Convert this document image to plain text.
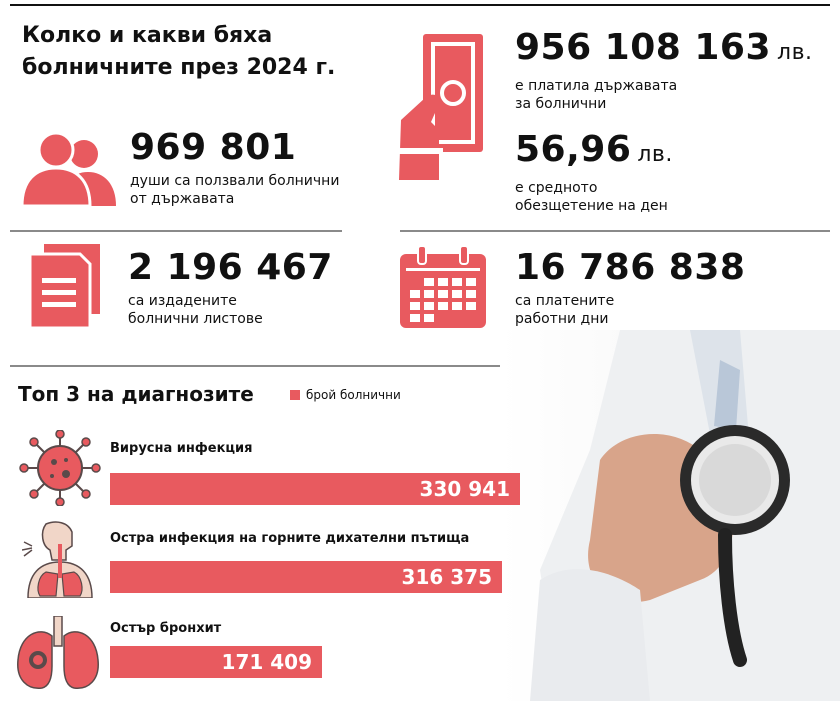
Колко и какви бяха болничните през 2024 г.
969 801
души са ползвали болнични от държавата
956 108 163 лв.
е платила държавата за болнични
56,96 лв.
е средното обезщетение на ден
2 196 467
са издадените болнични листове
16 786 838
са платените работни дни
Топ 3 на диагнозите	брой болнични
Вирусна инфекция
330 941
Остра инфекция на горните дихателни пътища
316 375
Остър бронхит
171 409
